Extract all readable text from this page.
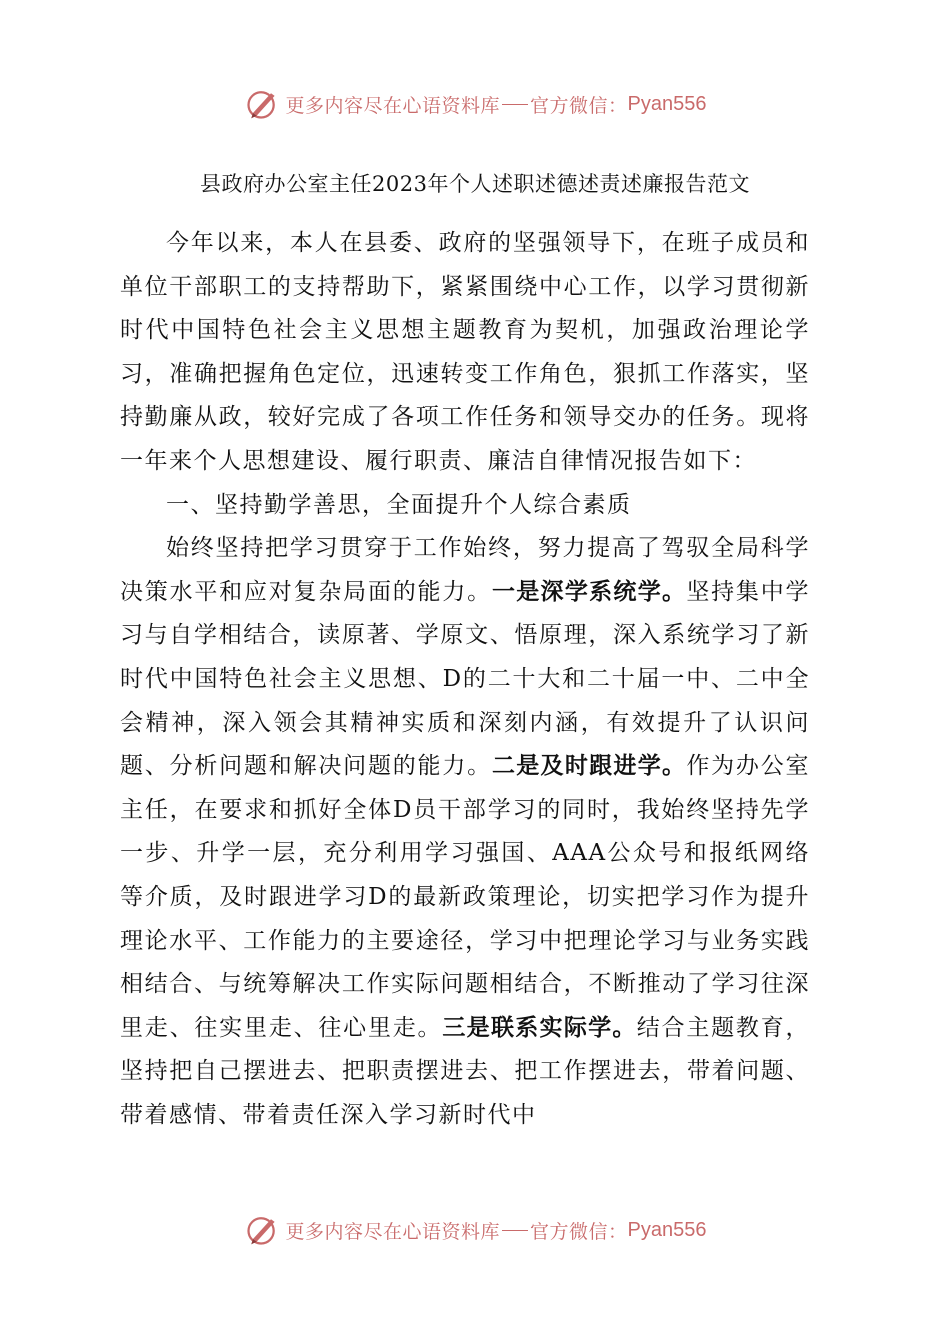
更多内容尽在心语资料库 官方微信： Pyan556
县政府办公室主任2023年个人述职述德述责述廉报告范文

今年以来，本人在县委、政府的坚强领导下，在班子成员和单位干部职工的支持帮助下，紧紧围绕中心工作，以学习贯彻新时代中国特色社会主义思想主题教育为契机，加强政治理论学习，准确把握角色定位，迅速转变工作角色，狠抓工作落实，坚持勤廉从政，较好完成了各项工作任务和领导交办的任务。现将一年来个人思想建设、履行职责、廉洁自律情况报告如下：

一、坚持勤学善思，全面提升个人综合素质

始终坚持把学习贯穿于工作始终，努力提高了驾驭全局科学决策水平和应对复杂局面的能力。一是深学系统学。坚持集中学习与自学相结合，读原著、学原文、悟原理，深入系统学习了新时代中国特色社会主义思想、D的二十大和二十届一中、二中全会精神，深入领会其精神实质和深刻内涵，有效提升了认识问题、分析问题和解决问题的能力。二是及时跟进学。作为办公室主任，在要求和抓好全体D员干部学习的同时，我始终坚持先学一步、升学一层，充分利用学习强国、AAA公众号和报纸网络等介质，及时跟进学习D的最新政策理论，切实把学习作为提升理论水平、工作能力的主要途径，学习中把理论学习与业务实践相结合、与统筹解决工作实际问题相结合，不断推动了学习往深里走、往实里走、往心里走。三是联系实际学。结合主题教育，坚持把自己摆进去、把职责摆进去、把工作摆进去，带着问题、带着感情、带着责任深入学习新时代中

更多内容尽在心语资料库 官方微信： Pyan556
